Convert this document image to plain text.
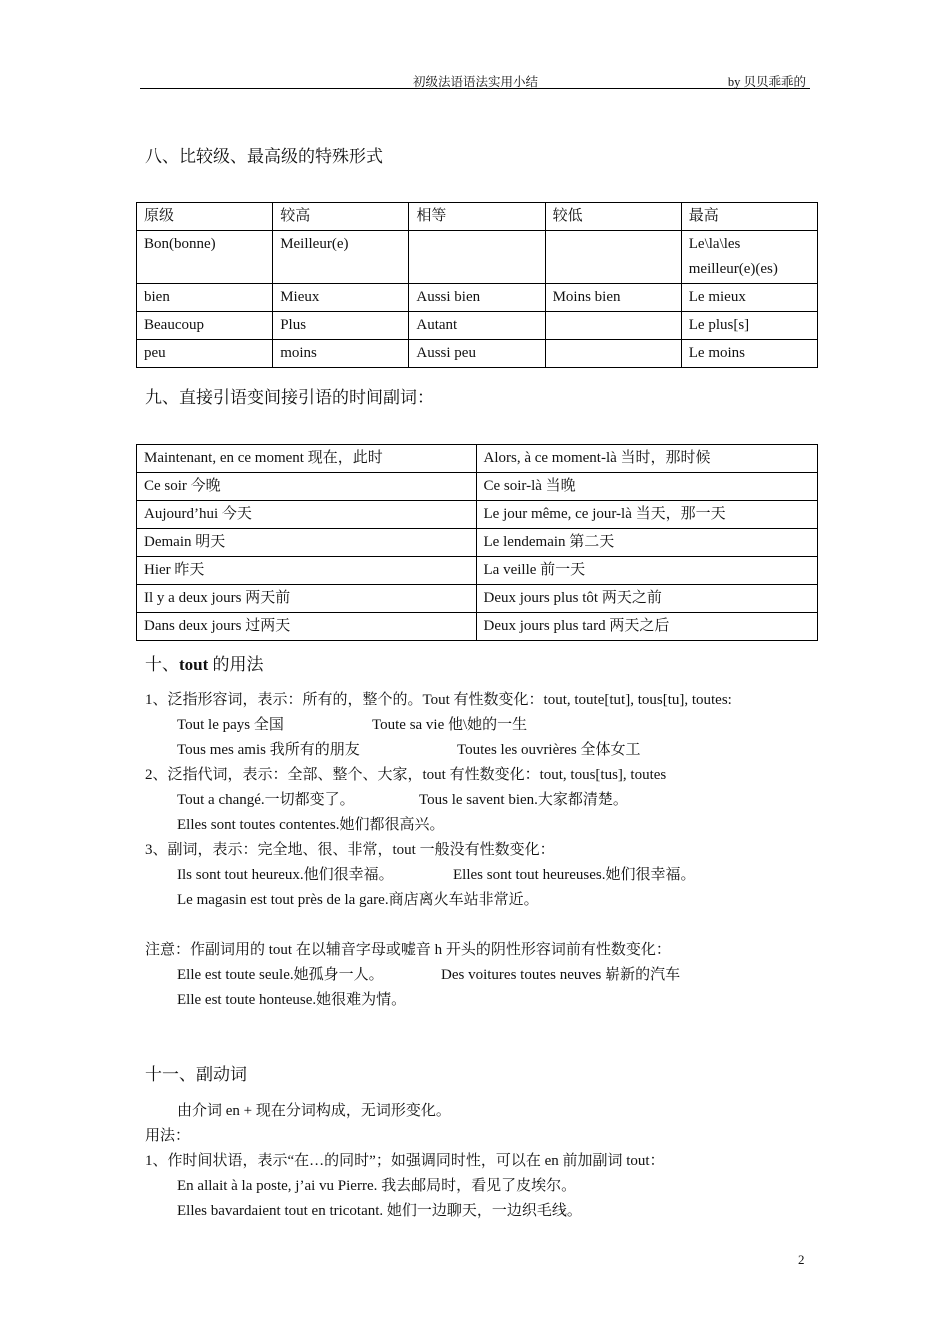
初级法语语法实用小结	by 贝贝乖乖的
八、比较级、最高级的特殊形式
原级	较高	相等	较低	最高
Bon(bonne)	Meilleur(e)			Le\la\les meilleur(e)(es)
bien	Mieux	Aussi bien	Moins bien	Le mieux
Beaucoup	Plus	Autant		Le plus[s]
peu	moins	Aussi peu		Le moins
九、直接引语变间接引语的时间副词：
Maintenant, en ce moment 现在，此时	Alors, à ce moment-là 当时，那时候
Ce soir 今晚	Ce soir-là 当晚
Aujourd’hui 今天	Le jour même, ce jour-là 当天，那一天
Demain 明天	Le lendemain 第二天
Hier 昨天	La veille 前一天
Il y a deux jours 两天前	Deux jours plus tôt 两天之前
Dans deux jours 过两天	Deux jours plus tard 两天之后
十、tout 的用法
1、泛指形容词，表示：所有的，整个的。Tout 有性数变化：tout, toute[tut], tous[tu], toutes:
Tout le pays 全国	Toute sa vie 他\她的一生
Tous mes amis 我所有的朋友	Toutes les ouvrières 全体女工
2、泛指代词，表示：全部、整个、大家，tout 有性数变化：tout, tous[tus], toutes
Tout a changé.一切都变了。	Tous le savent bien.大家都清楚。
Elles sont toutes contentes.她们都很高兴。
3、副词，表示：完全地、很、非常，tout 一般没有性数变化：
Ils sont tout heureux.他们很幸福。	Elles sont tout heureuses.她们很幸福。
Le magasin est tout près de la gare.商店离火车站非常近。
注意：作副词用的 tout 在以辅音字母或嘘音 h 开头的阴性形容词前有性数变化：
Elle est toute seule.她孤身一人。	Des voitures toutes neuves 崭新的汽车
Elle est toute honteuse.她很难为情。
十一、副动词
由介词 en + 现在分词构成，无词形变化。
用法：
1、作时间状语，表示“在…的同时”；如强调同时性，可以在 en 前加副词 tout：
En allait à la poste, j’ai vu Pierre. 我去邮局时，看见了皮埃尔。
Elles bavardaient tout en tricotant. 她们一边聊天，一边织毛线。
2
